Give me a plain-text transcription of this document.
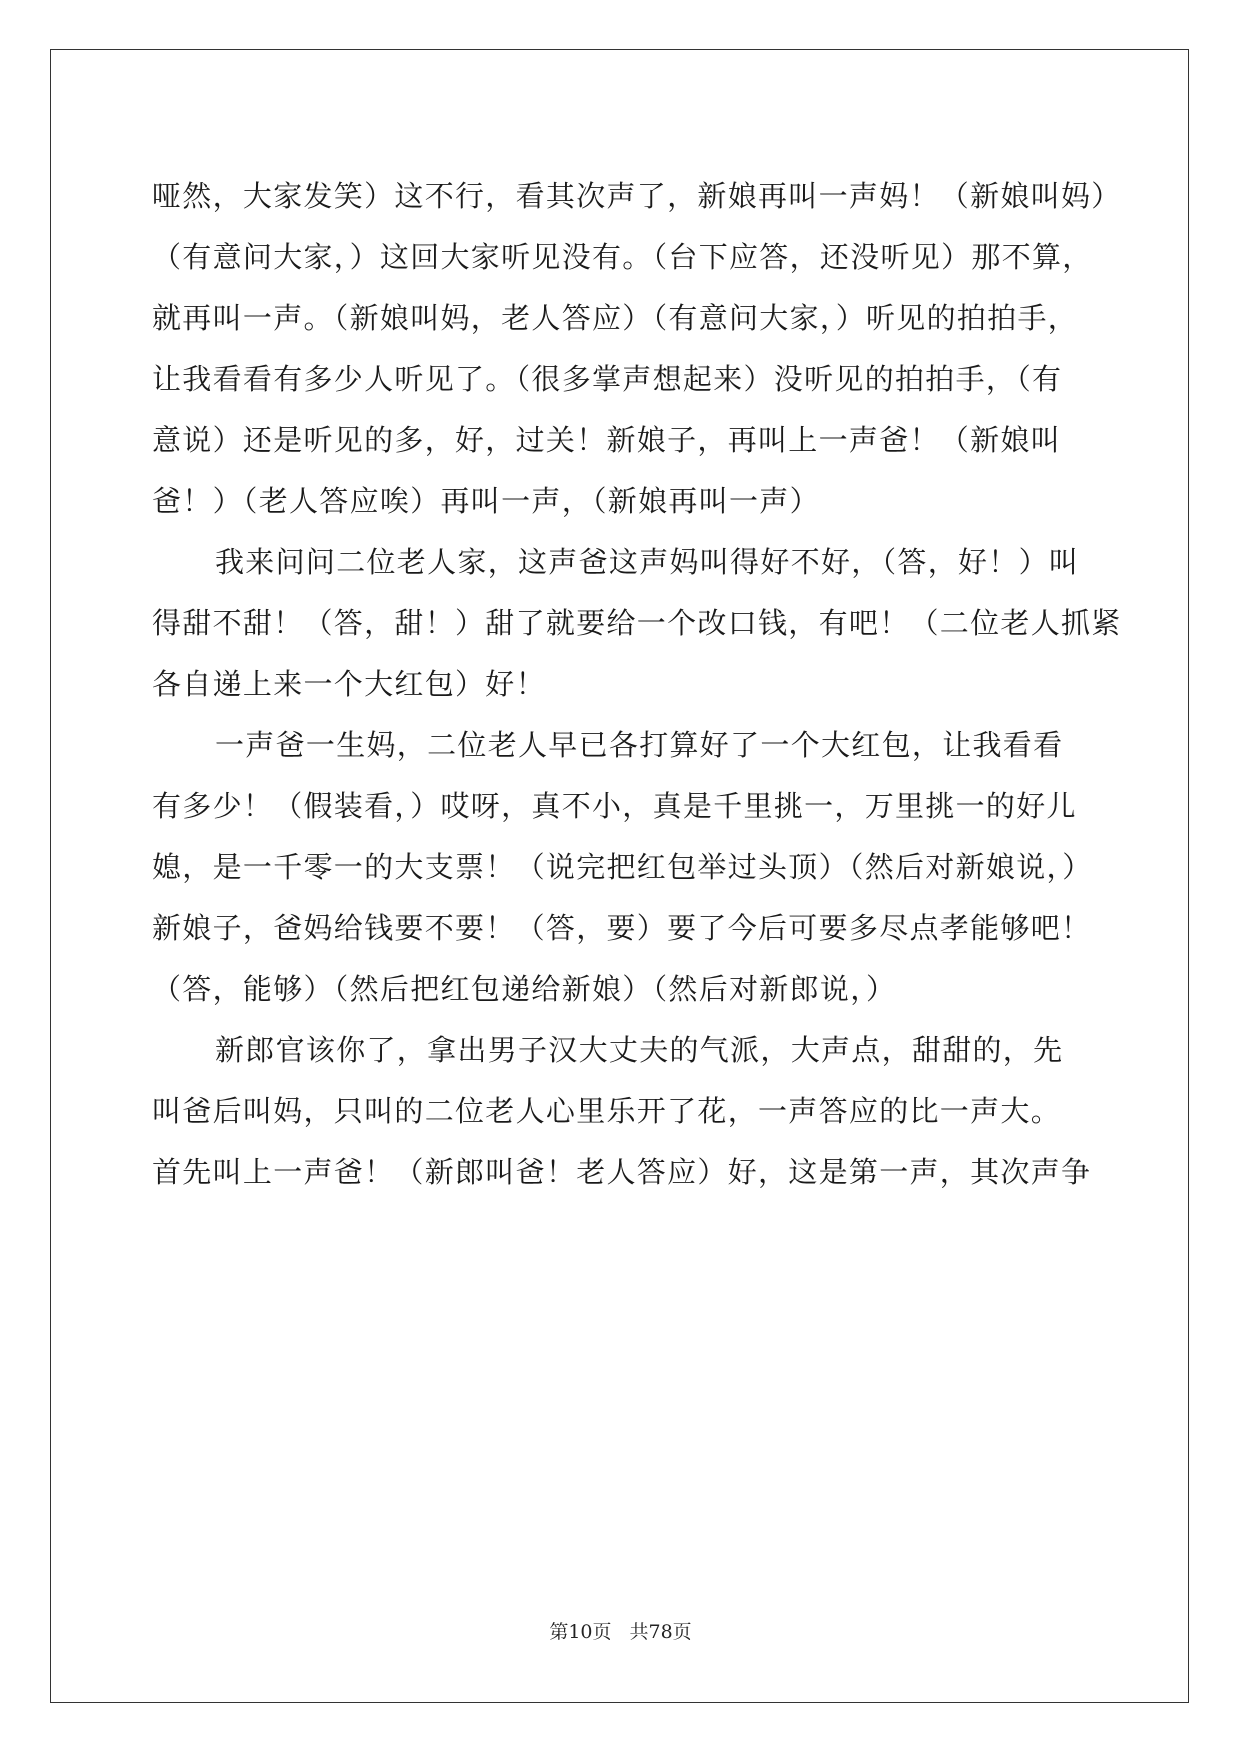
哑然，大家发笑）这不行，看其次声了，新娘再叫一声妈！（新娘叫妈）
（有意问大家，）这回大家听见没有。（台下应答，还没听见）那不算，
就再叫一声。（新娘叫妈，老人答应）（有意问大家，）听见的拍拍手，
让我看看有多少人听见了。（很多掌声想起来）没听见的拍拍手，（有
意说）还是听见的多，好，过关！新娘子，再叫上一声爸！（新娘叫
爸！）（老人答应唉）再叫一声，（新娘再叫一声）

我来问问二位老人家，这声爸这声妈叫得好不好，（答，好！）叫
得甜不甜！（答，甜！）甜了就要给一个改口钱，有吧！（二位老人抓紧
各自递上来一个大红包）好！

一声爸一生妈，二位老人早已各打算好了一个大红包，让我看看
有多少！（假装看，）哎呀，真不小，真是千里挑一，万里挑一的好儿
媳，是一千零一的大支票！（说完把红包举过头顶）（然后对新娘说，）
新娘子，爸妈给钱要不要！（答，要）要了今后可要多尽点孝能够吧！
（答，能够）（然后把红包递给新娘）（然后对新郎说，）

新郎官该你了，拿出男子汉大丈夫的气派，大声点，甜甜的，先
叫爸后叫妈，只叫的二位老人心里乐开了花，一声答应的比一声大。
首先叫上一声爸！（新郎叫爸！老人答应）好，这是第一声，其次声争

第10页 共78页
